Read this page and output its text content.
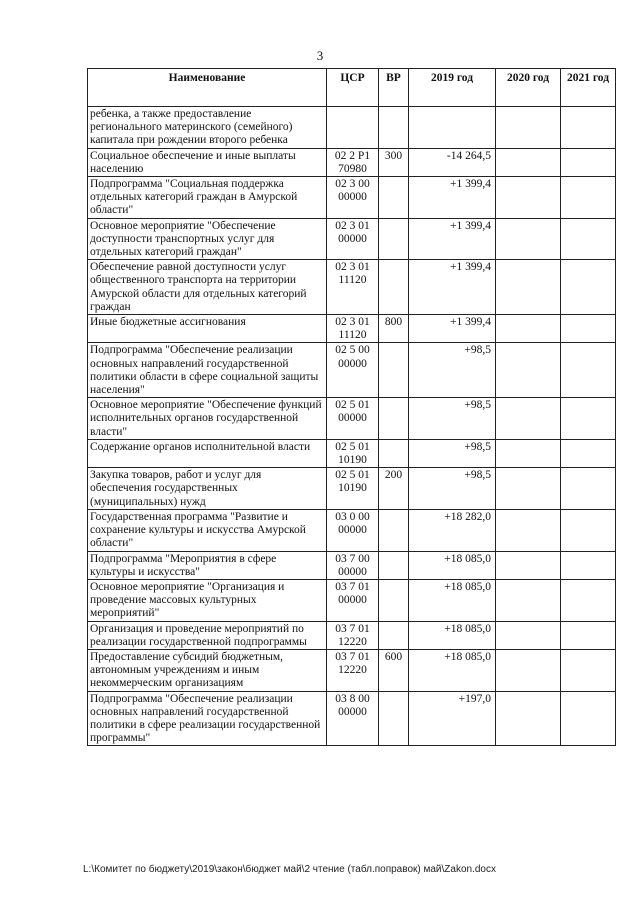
3
Наименование	ЦСР	ВР	2019 год	2020 год	2021 год
ребенка, а также предоставление регионального материнского (семейного) капитала при рождении второго ребенка					
Социальное обеспечение и иные выплаты населению	02 2 P1 70980	300	-14 264,5		
Подпрограмма "Социальная поддержка отдельных категорий граждан в Амурской области"	02 3 00 00000		+1 399,4		
Основное мероприятие "Обеспечение доступности транспортных услуг для отдельных категорий граждан"	02 3 01 00000		+1 399,4		
Обеспечение равной доступности услуг общественного транспорта на территории Амурской области для отдельных категорий граждан	02 3 01 11120		+1 399,4		
Иные бюджетные ассигнования	02 3 01 11120	800	+1 399,4		
Подпрограмма "Обеспечение реализации основных направлений государственной политики области в сфере социальной защиты населения"	02 5 00 00000		+98,5		
Основное мероприятие "Обеспечение функций исполнительных органов государственной власти"	02 5 01 00000		+98,5		
Содержание органов исполнительной власти	02 5 01 10190		+98,5		
Закупка товаров, работ и услуг для обеспечения государственных (муниципальных) нужд	02 5 01 10190	200	+98,5		
Государственная программа "Развитие и сохранение культуры и искусства Амурской области"	03 0 00 00000		+18 282,0		
Подпрограмма "Мероприятия в сфере культуры и искусства"	03 7 00 00000		+18 085,0		
Основное мероприятие "Организация и проведение массовых культурных мероприятий"	03 7 01 00000		+18 085,0		
Организация и проведение мероприятий по реализации государственной подпрограммы	03 7 01 12220		+18 085,0		
Предоставление субсидий бюджетным, автономным учреждениям и иным некоммерческим организациям	03 7 01 12220	600	+18 085,0		
Подпрограмма "Обеспечение реализации основных направлений государственной политики в сфере реализации государственной программы"	03 8 00 00000		+197,0		
L:\Комитет по бюджету\2019\закон\бюджет май\2 чтение (табл.поправок) май\Zakon.docx
